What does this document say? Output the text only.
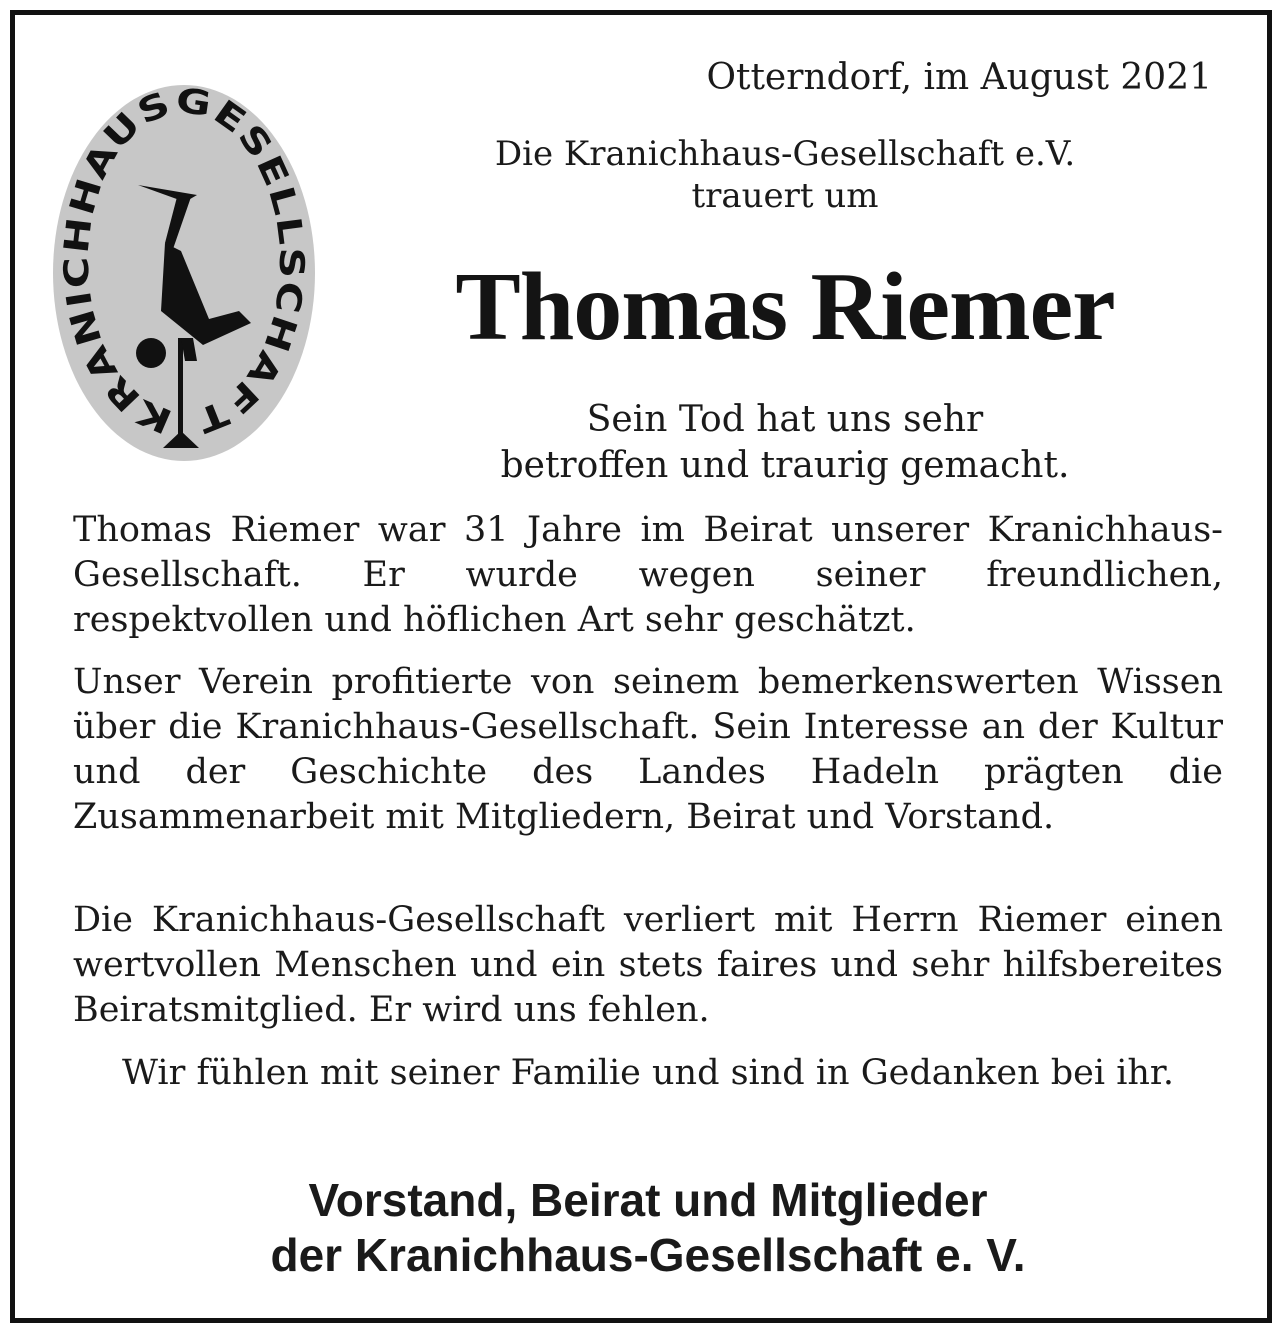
Otterndorf, im August 2021
KRANICHHAUSGESELLSCHAFT
Die Kranichhaus-Gesellschaft e.V.
trauert um
Thomas Riemer
Sein Tod hat uns sehr
betroffen und traurig gemacht.

Thomas Riemer war 31 Jahre im Beirat unserer Kranichhaus-Gesellschaft. Er wurde wegen seiner freundlichen, respektvollen und höflichen Art sehr geschätzt.

Unser Verein profitierte von seinem bemerkenswerten Wissen über die Kranichhaus-Gesellschaft. Sein Interesse an der Kultur und der Geschichte des Landes Hadeln prägten die Zusammenarbeit mit Mitgliedern, Beirat und Vorstand.

Die Kranichhaus-Gesellschaft verliert mit Herrn Riemer einen wertvollen Menschen und ein stets faires und sehr hilfsbereites Beiratsmitglied. Er wird uns fehlen.

Wir fühlen mit seiner Familie und sind in Gedanken bei ihr.
Vorstand, Beirat und Mitglieder
der Kranichhaus-Gesellschaft e. V.
